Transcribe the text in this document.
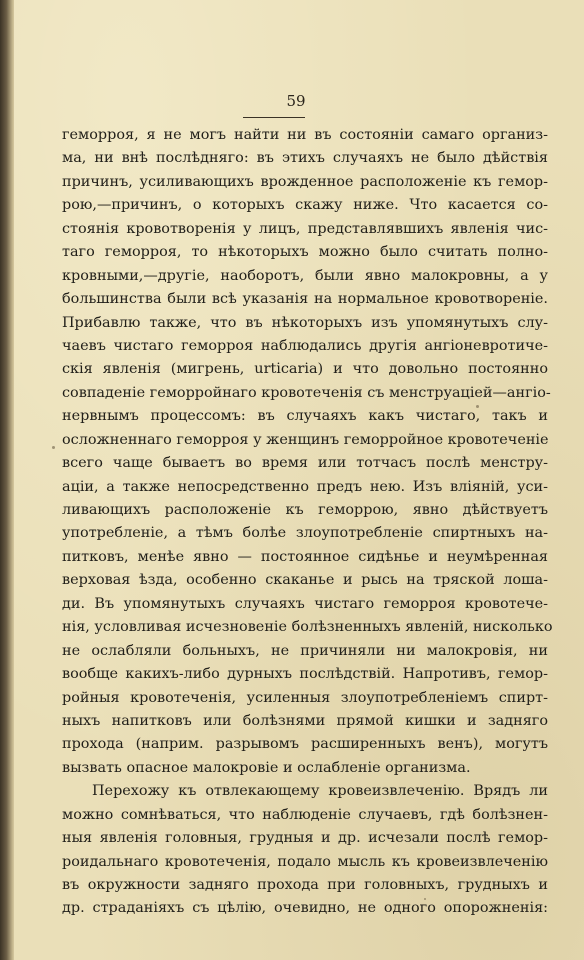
59
геморроя, я не могъ найти ни въ состоянiи самаго организ-
ма, ни внѣ послѣдняго: въ этихъ случаяхъ не было дѣйствiя
причинъ, усиливающихъ врожденное расположенiе къ гемор-
рою,—причинъ, о которыхъ скажу ниже. Что касается со-
стоянiя кровотворенiя у лицъ, представлявшихъ явленiя чис-
таго геморроя, то нѣкоторыхъ можно было считать полно-
кровными,—другiе, наоборотъ, были явно малокровны, а у
большинства были всѣ указанiя на нормальное кровотворенiе.
Прибавлю также, что въ нѣкоторыхъ изъ упомянутыхъ слу-
чаевъ чистаго геморроя наблюдались другiя ангiоневротиче-
скiя явленiя (мигрень, urticaria) и что довольно постоянно
совпаденiе геморройнаго кровотеченiя съ менструацiей—ангiо-
нервнымъ процессомъ: въ случаяхъ какъ чистаго, такъ и
осложненнаго геморроя у женщинъ геморройное кровотеченiе
всего чаще бываетъ во время или тотчасъ послѣ менстру-
ацiи, а также непосредственно предъ нею. Изъ влiянiй, уси-
ливающихъ расположенiе къ геморрою, явно дѣйствуетъ
употребленiе, а тѣмъ болѣе злоупотребленiе спиртныхъ на-
питковъ, менѣе явно — постоянное сидѣнье и неумѣренная
верховая ѣзда, особенно скаканье и рысь на тряской лоша-
ди. Въ упомянутыхъ случаяхъ чистаго геморроя кровотече-
нiя, условливая исчезновенiе болѣзненныхъ явленiй, нисколько
не ослабляли больныхъ, не причиняли ни малокровiя, ни
вообще какихъ-либо дурныхъ послѣдствiй. Напротивъ, гемор-
ройныя кровотеченiя, усиленныя злоупотребленiемъ спирт-
ныхъ напитковъ или болѣзнями прямой кишки и задняго
прохода (наприм. разрывомъ расширенныхъ венъ), могутъ
вызвать опасное малокровiе и ослабленiе организма.
Перехожу къ отвлекающему кровеизвлеченiю. Врядъ ли
можно сомнѣваться, что наблюденiе случаевъ, гдѣ болѣзнен-
ныя явленiя головныя, грудныя и др. исчезали послѣ гемор-
роидальнаго кровотеченiя, подало мысль къ кровеизвлеченiю
въ окружности задняго прохода при головныхъ, грудныхъ и
др. страданiяхъ съ цѣлiю, очевидно, не одного опорожненiя:
